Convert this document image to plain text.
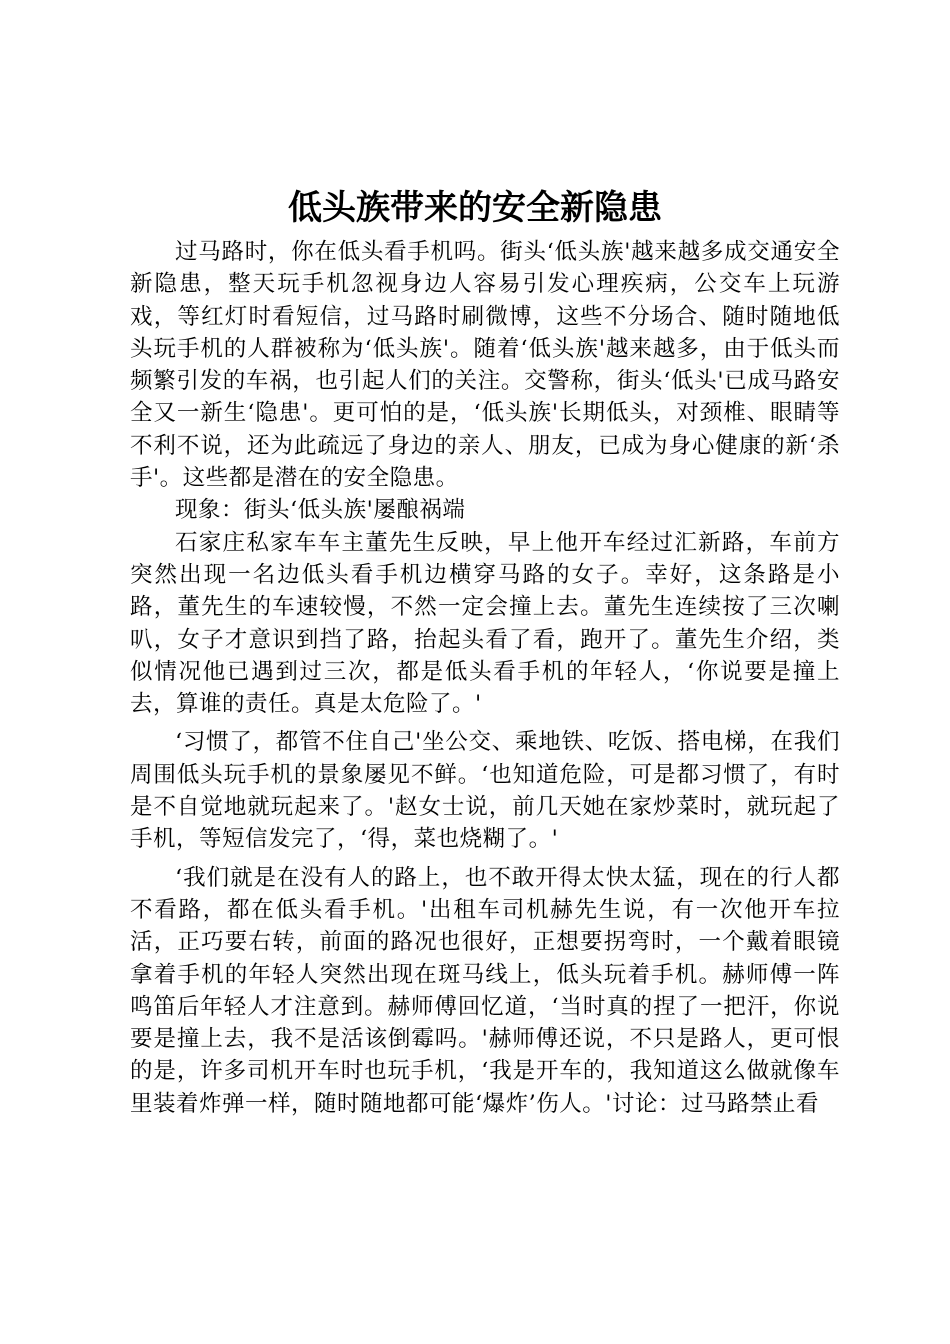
低头族带来的安全新隐患

过马路时，你在低头看手机吗。街头‘低头族'越来越多成交通安全新隐患，整天玩手机忽视身边人容易引发心理疾病，公交车上玩游戏，等红灯时看短信，过马路时刷微博，这些不分场合、随时随地低头玩手机的人群被称为‘低头族'。随着‘低头族'越来越多，由于低头而频繁引发的车祸，也引起人们的关注。交警称，街头‘低头'已成马路安全又一新生‘隐患'。更可怕的是，‘低头族'长期低头，对颈椎、眼睛等不利不说，还为此疏远了身边的亲人、朋友，已成为身心健康的新‘杀手'。这些都是潜在的安全隐患。

现象：街头‘低头族'屡酿祸端

石家庄私家车车主董先生反映，早上他开车经过汇新路，车前方突然出现一名边低头看手机边横穿马路的女子。幸好，这条路是小路，董先生的车速较慢，不然一定会撞上去。董先生连续按了三次喇叭，女子才意识到挡了路，抬起头看了看，跑开了。董先生介绍，类似情况他已遇到过三次，都是低头看手机的年轻人，‘你说要是撞上去，算谁的责任。真是太危险了。'

‘习惯了，都管不住自己'坐公交、乘地铁、吃饭、搭电梯，在我们周围低头玩手机的景象屡见不鲜。‘也知道危险，可是都习惯了，有时是不自觉地就玩起来了。'赵女士说，前几天她在家炒菜时，就玩起了手机，等短信发完了，‘得，菜也烧糊了。'

‘我们就是在没有人的路上，也不敢开得太快太猛，现在的行人都不看路，都在低头看手机。'出租车司机赫先生说，有一次他开车拉活，正巧要右转，前面的路况也很好，正想要拐弯时，一个戴着眼镜拿着手机的年轻人突然出现在斑马线上，低头玩着手机。赫师傅一阵鸣笛后年轻人才注意到。赫师傅回忆道，‘当时真的捏了一把汗，你说要是撞上去，我不是活该倒霉吗。'赫师傅还说，不只是路人，更可恨的是，许多司机开车时也玩手机，‘我是开车的，我知道这么做就像车里装着炸弹一样，随时随地都可能‘爆炸’伤人。'讨论：过马路禁止看
